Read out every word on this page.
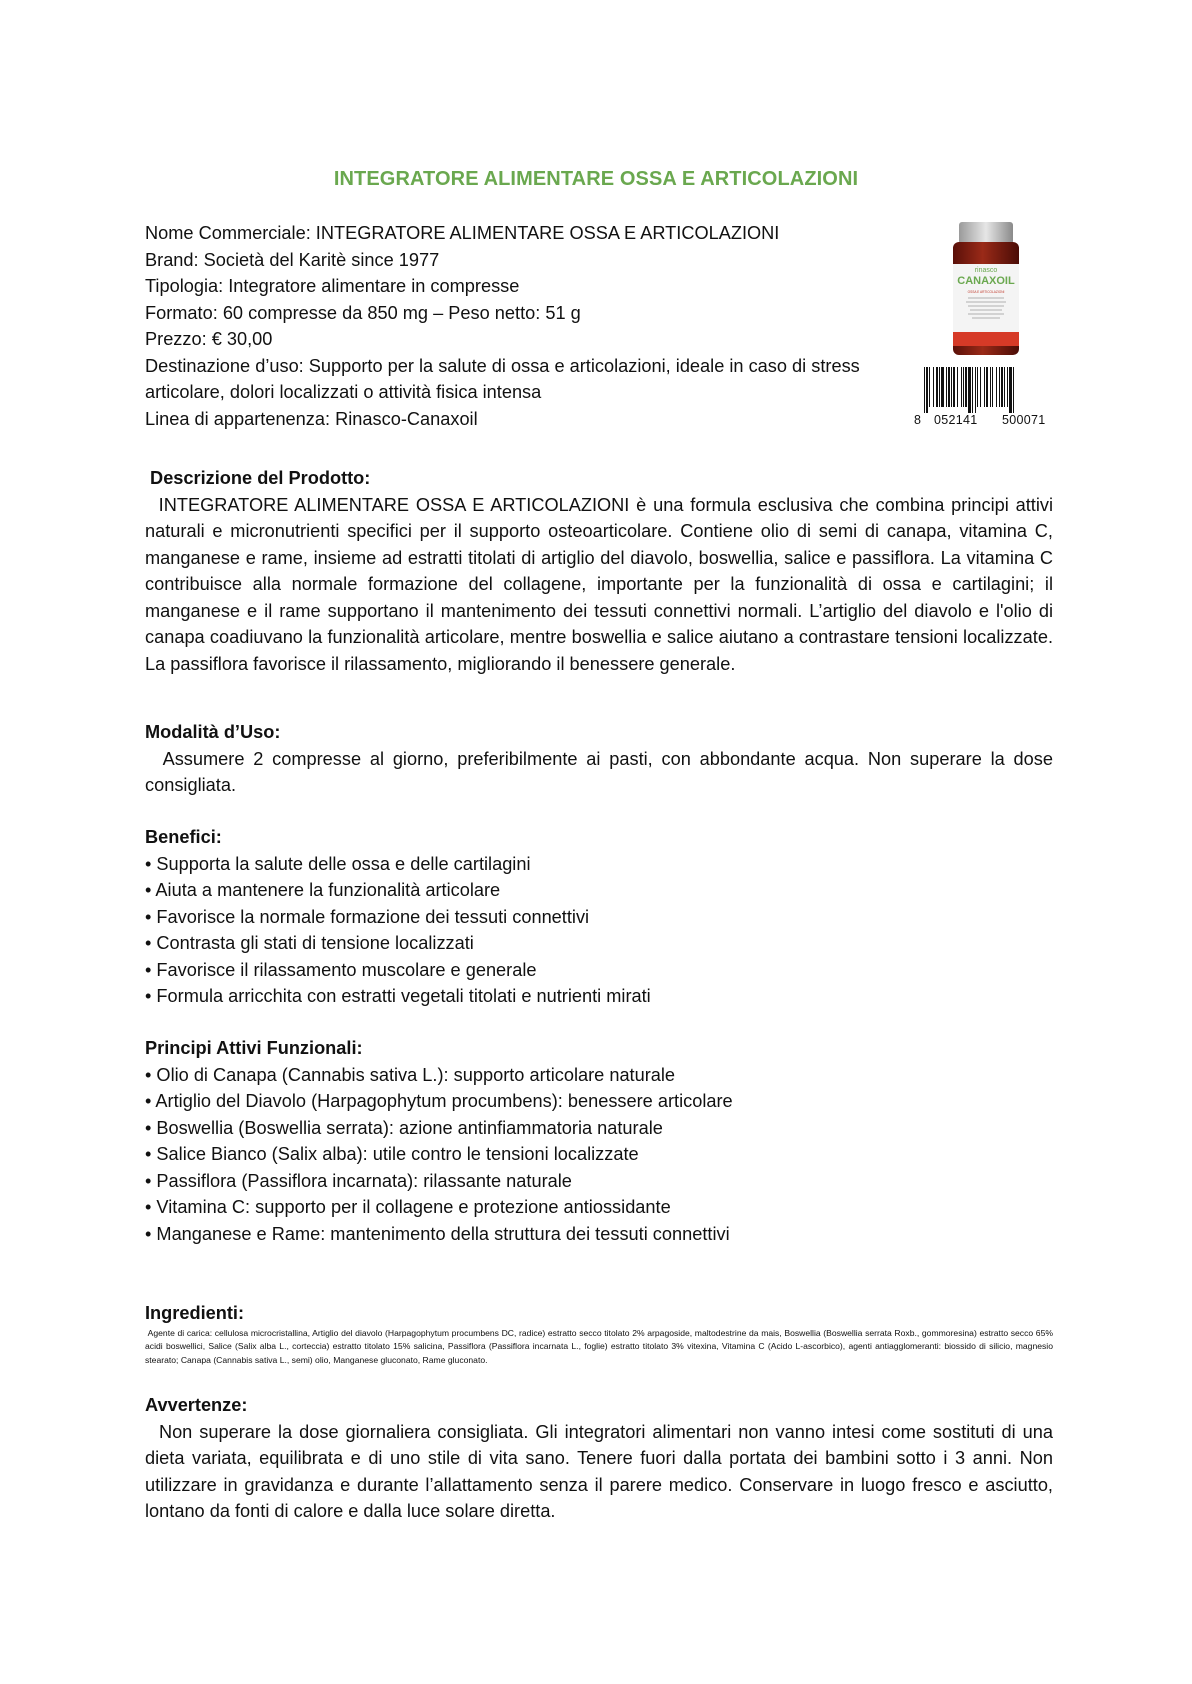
INTEGRATORE ALIMENTARE OSSA E ARTICOLAZIONI
Nome Commerciale: INTEGRATORE ALIMENTARE OSSA E ARTICOLAZIONI
Brand: Società del Karitè since 1977
Tipologia: Integratore alimentare in compresse
Formato: 60 compresse da 850 mg – Peso netto: 51 g
Prezzo: € 30,00
Destinazione d’uso: Supporto per la salute di ossa e articolazioni, ideale in caso di stress articolare, dolori localizzati o attività fisica intensa
Linea di appartenenza: Rinasco-Canaxoil
rinasco
CANAXOIL
OSSA E ARTICOLAZIONI
8 052141 500071
Descrizione del Prodotto:
INTEGRATORE ALIMENTARE OSSA E ARTICOLAZIONI è una formula esclusiva che combina principi attivi naturali e micronutrienti specifici per il supporto osteoarticolare. Contiene olio di semi di canapa, vitamina C, manganese e rame, insieme ad estratti titolati di artiglio del diavolo, boswellia, salice e passiflora. La vitamina C contribuisce alla normale formazione del collagene, importante per la funzionalità di ossa e cartilagini; il manganese e il rame supportano il mantenimento dei tessuti connettivi normali. L’artiglio del diavolo e l'olio di canapa coadiuvano la funzionalità articolare, mentre boswellia e salice aiutano a contrastare tensioni localizzate. La passiflora favorisce il rilassamento, migliorando il benessere generale.
Modalità d’Uso:
Assumere 2 compresse al giorno, preferibilmente ai pasti, con abbondante acqua. Non superare la dose consigliata.
Benefici:
• Supporta la salute delle ossa e delle cartilagini
• Aiuta a mantenere la funzionalità articolare
• Favorisce la normale formazione dei tessuti connettivi
• Contrasta gli stati di tensione localizzati
• Favorisce il rilassamento muscolare e generale
• Formula arricchita con estratti vegetali titolati e nutrienti mirati
Principi Attivi Funzionali:
• Olio di Canapa (Cannabis sativa L.): supporto articolare naturale
• Artiglio del Diavolo (Harpagophytum procumbens): benessere articolare
• Boswellia (Boswellia serrata): azione antinfiammatoria naturale
• Salice Bianco (Salix alba): utile contro le tensioni localizzate
• Passiflora (Passiflora incarnata): rilassante naturale
• Vitamina C: supporto per il collagene e protezione antiossidante
• Manganese e Rame: mantenimento della struttura dei tessuti connettivi
Ingredienti:
Agente di carica: cellulosa microcristallina, Artiglio del diavolo (Harpagophytum procumbens DC, radice) estratto secco titolato 2% arpagoside, maltodestrine da mais, Boswellia (Boswellia serrata Roxb., gommoresina) estratto secco 65% acidi boswellici, Salice (Salix alba L., corteccia) estratto titolato 15% salicina, Passiflora (Passiflora incarnata L., foglie) estratto titolato 3% vitexina, Vitamina C (Acido L-ascorbico), agenti antiagglomeranti: biossido di silicio, magnesio stearato; Canapa (Cannabis sativa L., semi) olio, Manganese gluconato, Rame gluconato.
Avvertenze:
Non superare la dose giornaliera consigliata. Gli integratori alimentari non vanno intesi come sostituti di una dieta variata, equilibrata e di uno stile di vita sano. Tenere fuori dalla portata dei bambini sotto i 3 anni. Non utilizzare in gravidanza e durante l’allattamento senza il parere medico. Conservare in luogo fresco e asciutto, lontano da fonti di calore e dalla luce solare diretta.
